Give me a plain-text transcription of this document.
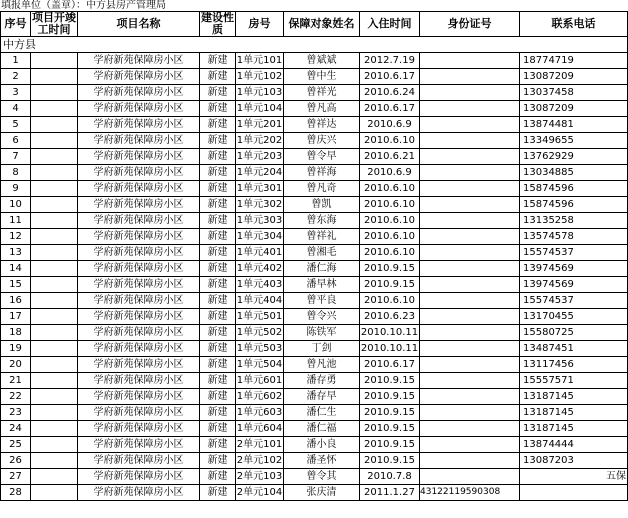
填报单位（盖章）：中方县房产管理局
序号	项目开竣工时间	项目名称	建设性质	房号	保障对象姓名	入住时间	身份证号	联系电话
中方县								
1		学府新苑保障房小区	新建	1单元101	曾斌斌	2012.7.19		18774719
2		学府新苑保障房小区	新建	1单元102	曾中生	2010.6.17		13087209
3		学府新苑保障房小区	新建	1单元103	曾祥光	2010.6.24		13037458
4		学府新苑保障房小区	新建	1单元104	曾凡高	2010.6.17		13087209
5		学府新苑保障房小区	新建	1单元201	曾祥达	2010.6.9		13874481
6		学府新苑保障房小区	新建	1单元202	曾庆兴	2010.6.10		13349655
7		学府新苑保障房小区	新建	1单元203	曾令早	2010.6.21		13762929
8		学府新苑保障房小区	新建	1单元204	曾祥海	2010.6.9		13034885
9		学府新苑保障房小区	新建	1单元301	曾凡奇	2010.6.10		15874596
10		学府新苑保障房小区	新建	1单元302	曾凯	2010.6.10		15874596
11		学府新苑保障房小区	新建	1单元303	曾东海	2010.6.10		13135258
12		学府新苑保障房小区	新建	1单元304	曾祥礼	2010.6.10		13574578
13		学府新苑保障房小区	新建	1单元401	曾湘毛	2010.6.10		15574537
14		学府新苑保障房小区	新建	1单元402	潘仁海	2010.9.15		13974569
15		学府新苑保障房小区	新建	1单元403	潘早林	2010.9.15		13974569
16		学府新苑保障房小区	新建	1单元404	曾平良	2010.6.10		15574537
17		学府新苑保障房小区	新建	1单元501	曾令兴	2010.6.23		13170455
18		学府新苑保障房小区	新建	1单元502	陈铁军	2010.10.11		15580725
19		学府新苑保障房小区	新建	1单元503	丁剑	2010.10.11		13487451
20		学府新苑保障房小区	新建	1单元504	曾凡池	2010.6.17		13117456
21		学府新苑保障房小区	新建	1单元601	潘存勇	2010.9.15		15557571
22		学府新苑保障房小区	新建	1单元602	潘存早	2010.9.15		13187145
23		学府新苑保障房小区	新建	1单元603	潘仁生	2010.9.15		13187145
24		学府新苑保障房小区	新建	1单元604	潘仁福	2010.9.15		13187145
25		学府新苑保障房小区	新建	2单元101	潘小良	2010.9.15		13874444
26		学府新苑保障房小区	新建	2单元102	潘圣怀	2010.9.15		13087203
27		学府新苑保障房小区	新建	2单元103	曾令其	2010.7.8		五保
28		学府新苑保障房小区	新建	2单元104	张庆清	2011.1.27	43122119590308	
